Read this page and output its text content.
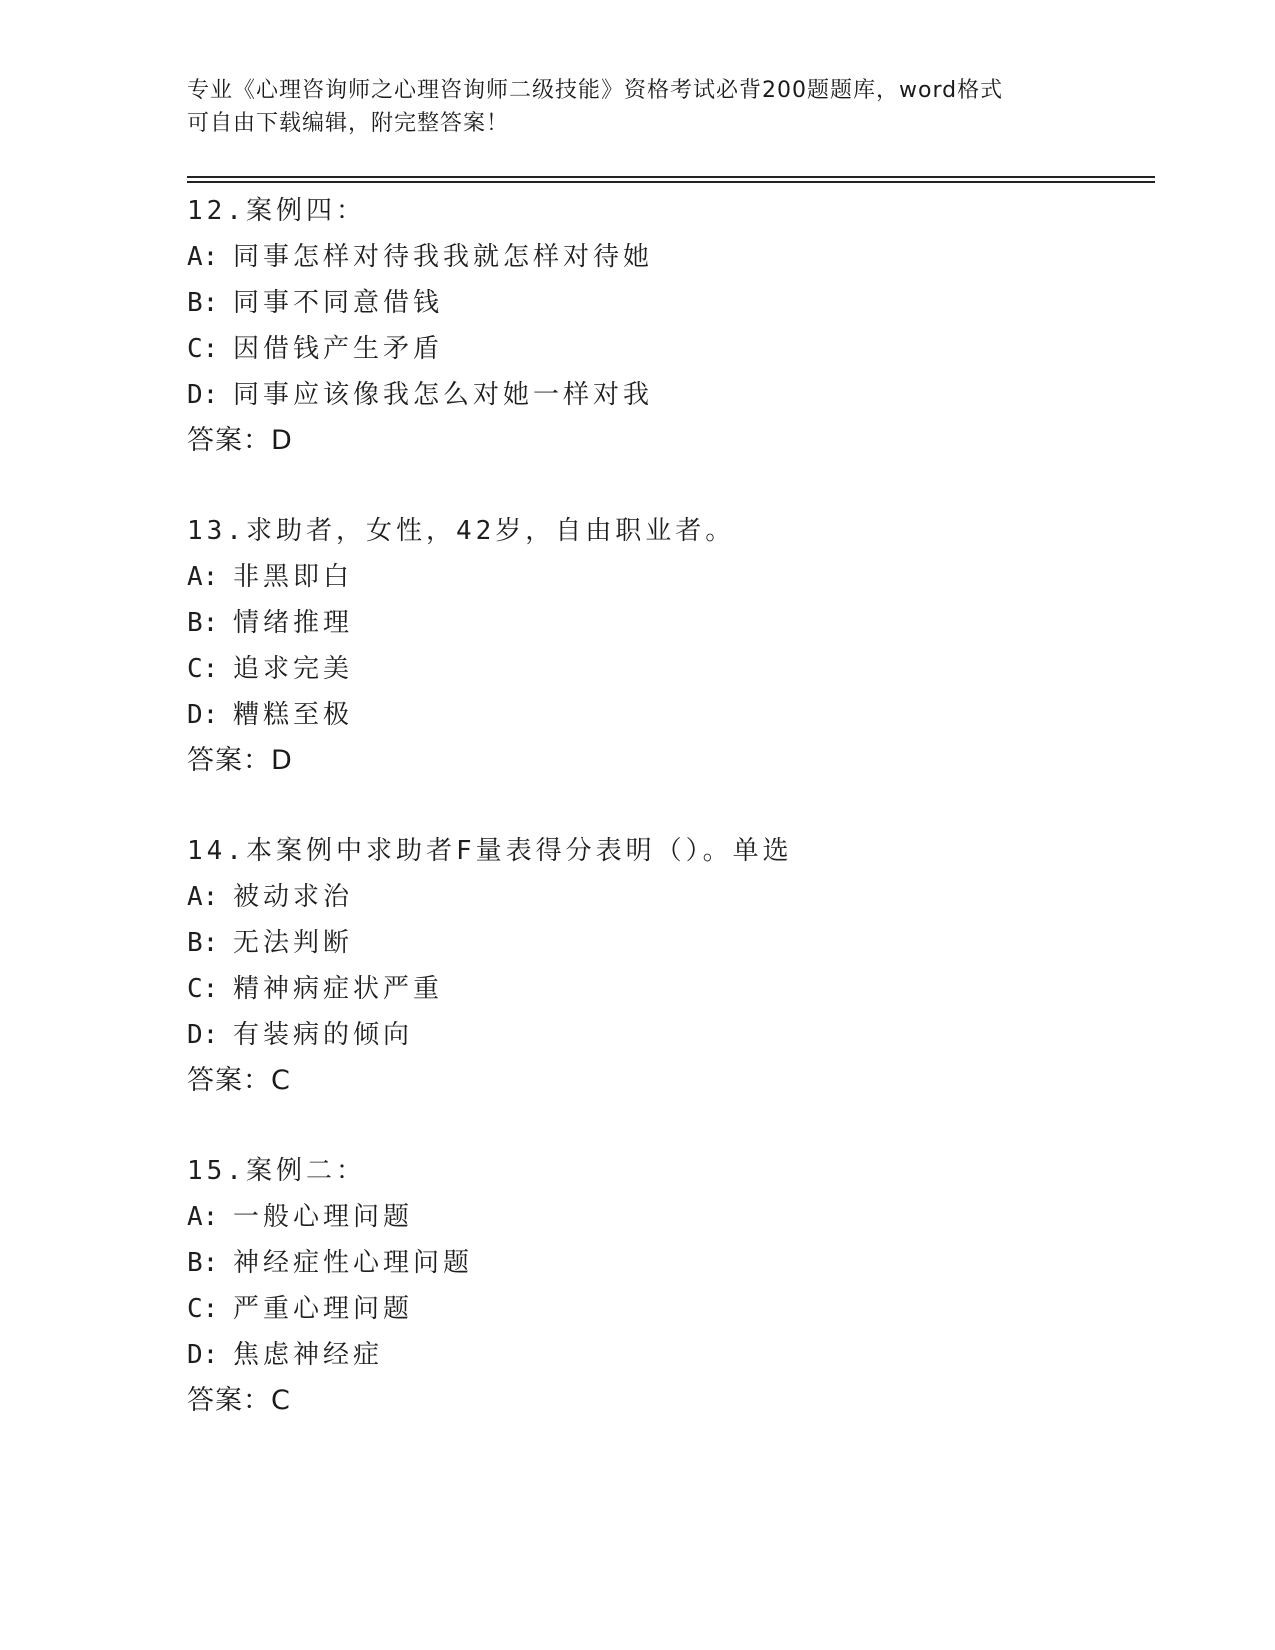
专业《心理咨询师之心理咨询师二级技能》资格考试必背200题题库，word格式
可自由下载编辑，附完整答案！
12.案例四：
A: 同事怎样对待我我就怎样对待她
B: 同事不同意借钱
C: 因借钱产生矛盾
D: 同事应该像我怎么对她一样对我
答案：D
13.求助者，女性，42岁，自由职业者。
A: 非黑即白
B: 情绪推理
C: 追求完美
D: 糟糕至极
答案：D
14.本案例中求助者F量表得分表明（）。单选
A: 被动求治
B: 无法判断
C: 精神病症状严重
D: 有装病的倾向
答案：C
15.案例二：
A: 一般心理问题
B: 神经症性心理问题
C: 严重心理问题
D: 焦虑神经症
答案：C
